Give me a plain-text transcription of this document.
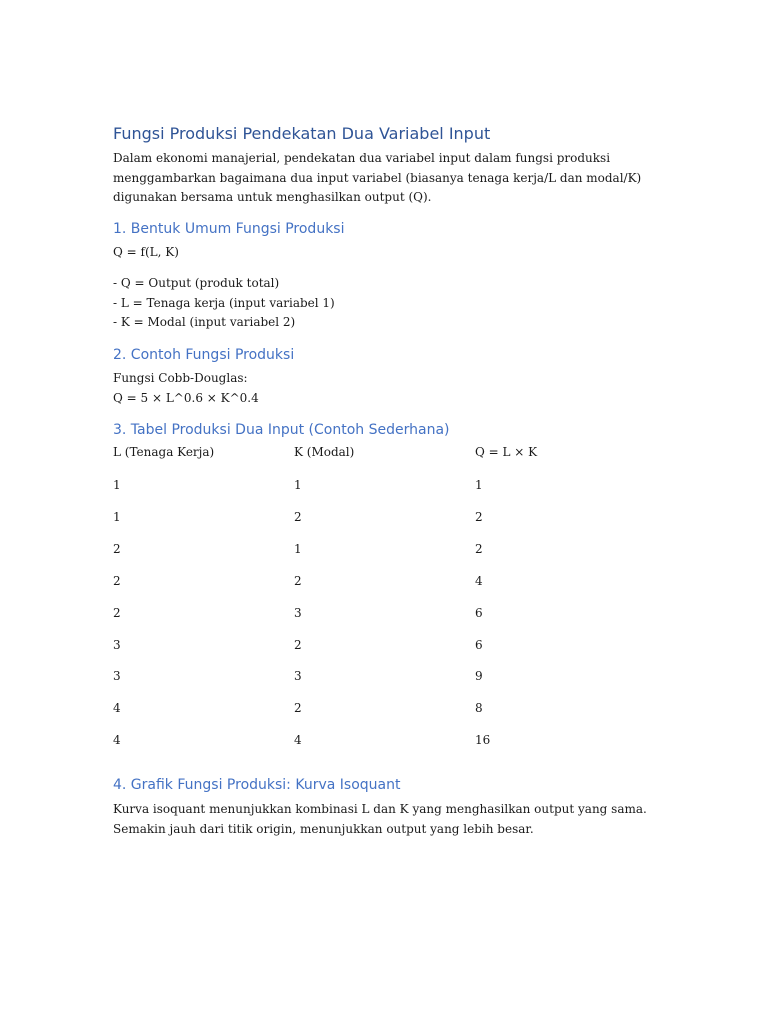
Fungsi Produksi Pendekatan Dua Variabel Input

Dalam ekonomi manajerial, pendekatan dua variabel input dalam fungsi produksi
menggambarkan bagaimana dua input variabel (biasanya tenaga kerja/L dan modal/K)
digunakan bersama untuk menghasilkan output (Q).

1. Bentuk Umum Fungsi Produksi

Q = f(L, K)

- Q = Output (produk total)
- L = Tenaga kerja (input variabel 1)
- K = Modal (input variabel 2)

2. Contoh Fungsi Produksi

Fungsi Cobb-Douglas:
Q = 5 × L^0.6 × K^0.4

3. Tabel Produksi Dua Input (Contoh Sederhana)
L (Tenaga Kerja)	K (Modal)	Q = L × K
1	1	1
1	2	2
2	1	2
2	2	4
2	3	6
3	2	6
3	3	9
4	2	8
4	4	16
4. Grafik Fungsi Produksi: Kurva Isoquant

Kurva isoquant menunjukkan kombinasi L dan K yang menghasilkan output yang sama.
Semakin jauh dari titik origin, menunjukkan output yang lebih besar.
